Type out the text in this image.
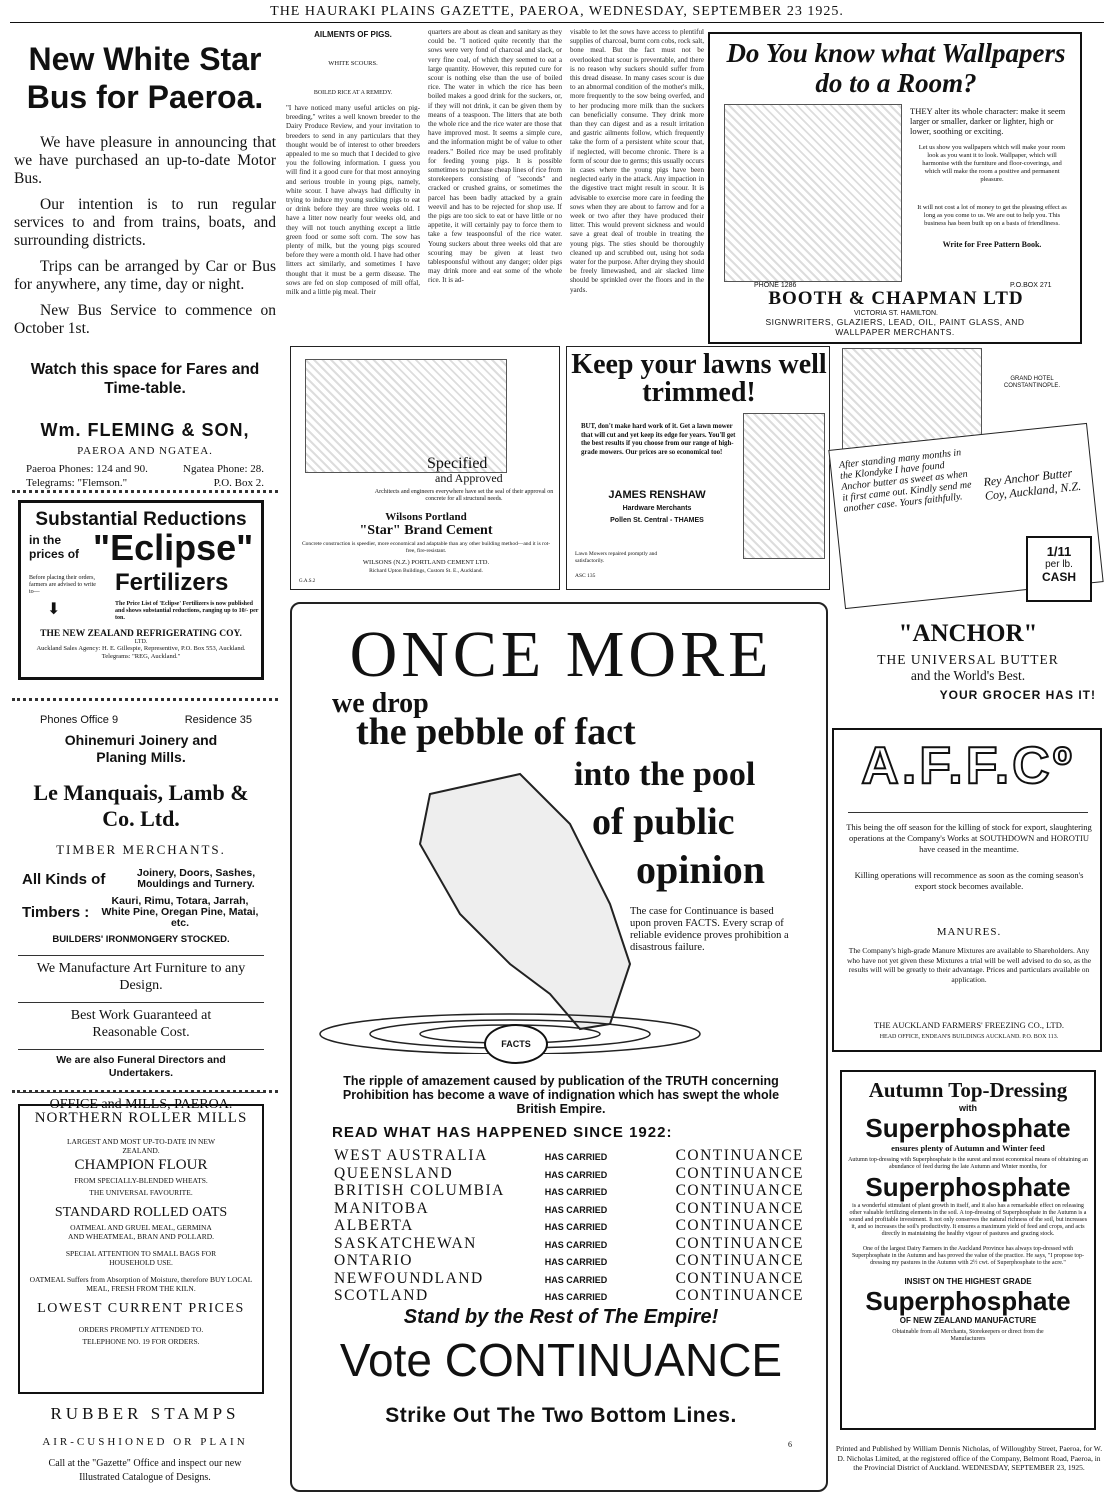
THE HAURAKI PLAINS GAZETTE, PAEROA, WEDNESDAY, SEPTEMBER 23 1925.
New White Star Bus for Paeroa.
We have pleasure in announcing that we have purchased an up-to-date Motor Bus.
Our intention is to run regular services to and from trains, boats, and surrounding districts.
Trips can be arranged by Car or Bus for anywhere, any time, day or night.
New Bus Service to commence on October 1st.
Watch this space for Fares and Time-table.
Wm. FLEMING & SON,
PAEROA AND NGATEA.
Paeroa Phones: 124 and 90.	Ngatea Phone: 28.
Telegrams: "Flemson."	P.O. Box 2.
Substantial Reductions
in the
prices of "Eclipse"
Before placing their orders, farmers are advised to write to—	Fertilizers
⬇	The Price List of 'Eclipse' Fertilizers is now published and shows substantial reductions, ranging up to 10/- per ton.
THE NEW ZEALAND REFRIGERATING COY.
LTD.
Auckland Sales Agency: H. E. Gillespie, Representive, P.O. Box 553, Auckland.
Telegrams: "REG, Auckland."
Phones Office 9	Residence 35
Ohinemuri Joinery and Planing Mills.
Le Manquais, Lamb & Co. Ltd.
TIMBER MERCHANTS.
All Kinds of	Joinery, Doors, Sashes, Mouldings and Turnery.
Timbers :
Kauri, Rimu, Totara, Jarrah, White Pine, Oregan Pine, Matai, etc.
BUILDERS' IRONMONGERY STOCKED.
We Manufacture Art Furniture to any Design.
Best Work Guaranteed at Reasonable Cost.
We are also Funeral Directors and Undertakers.
OFFICE and MILLS, PAEROA.
NORTHERN ROLLER MILLS
LARGEST AND MOST UP-TO-DATE IN NEW ZEALAND.
CHAMPION FLOUR
FROM SPECIALLY-BLENDED WHEATS.
THE UNIVERSAL FAVOURITE.
STANDARD ROLLED OATS
OATMEAL AND GRUEL MEAL, GERMINA AND WHEATMEAL, BRAN AND POLLARD.
SPECIAL ATTENTION TO SMALL BAGS FOR HOUSEHOLD USE.
OATMEAL Suffers from Absorption of Moisture, therefore BUY LOCAL MEAL, FRESH FROM THE KILN.
LOWEST CURRENT PRICES
ORDERS PROMPTLY ATTENDED TO.
TELEPHONE NO. 19 FOR ORDERS.
RUBBER STAMPS
AIR-CUSHIONED OR PLAIN
Call at the "Gazette" Office and inspect our new
Illustrated Catalogue of Designs.
AILMENTS OF PIGS.
WHITE SCOURS.
BOILED RICE AT A REMEDY.
"I have noticed many useful articles on pig-breeding," writes a well known breeder to the Dairy Produce Review, and your invitation to breeders to send in any particulars that they thought would be of interest to other breeders appealed to me so much that I decided to give you the following information. I guess you will find it a good cure for that most annoying and serious trouble in young pigs, namely, white scour. I have always had difficulty in trying to induce my young sucking pigs to eat or drink before they are three weeks old. I have a litter now nearly four weeks old, and they will not touch anything except a little green food or some soft corn. The sow has plenty of milk, but the young pigs scoured before they were a month old. I have had other litters act similarly, and sometimes I have thought that it must be a germ disease. The sows are fed on slop composed of mill offal, milk and a little pig meal. Their
quarters are about as clean and sanitary as they could be. "I noticed quite recently that the sows were very fond of charcoal and slack, or very fine coal, of which they seemed to eat a large quantity. However, this reputed cure for scour is nothing else than the use of boiled rice. The water in which the rice has been boiled makes a good drink for the suckers, or, if they will not drink, it can be given them by means of a teaspoon. The litters that ate both the whole rice and the rice water are those that have improved most. It seems a simple cure, and the information might be of value to other readers." Boiled rice may be used profitably for feeding young pigs. It is possible sometimes to purchase cheap lines of rice from storekeepers consisting of "seconds" and cracked or crushed grains, or sometimes the parcel has been badly attacked by a grain weevil and has to be rejected for shop use. If the pigs are too sick to eat or have little or no appetite, it will certainly pay to force them to take a few teaspoonsful of the rice water. Young suckers about three weeks old that are scouring may be given at least two tablespoonsful without any danger; older pigs may drink more and eat some of the whole rice. It is ad-
visable to let the sows have access to plentiful supplies of charcoal, burnt corn cobs, rock salt, bone meal. But the fact must not be overlooked that scour is preventable, and there is no reason why suckers should suffer from this dread disease. In many cases scour is due to an abnormal condition of the mother's milk, more frequently to the sow being overfed, and to her producing more milk than the suckers can beneficially consume. They drink more than they can digest and as a result irritation and gastric ailments follow, which frequently take the form of a persistent white scour that, if neglected, will become chronic. There is a form of scour due to germs; this usually occurs in cases where the young pigs have been neglected early in the attack. Any impaction in the digestive tract might result in scour. It is advisable to exercise more care in feeding the sows when they are about to farrow and for a week or two after they have produced their litter. This would prevent sickness and would save a great deal of trouble in treating the young pigs. The sties should be thoroughly cleaned up and scrubbed out, using hot soda water for the purpose. After drying they should be freely limewashed, and air slacked lime should be sprinkled over the floors and in the yards.
Do You know what Wallpapers do to a Room?
THEY alter its whole character: make it seem larger or smaller, darker or lighter, high or lower, soothing or exciting.
Let us show you wallpapers which will make your room look as you want it to look. Wallpaper, which will harmonise with the furniture and floor-coverings, and which will make the room a positive and permanent pleasure.
It will not cost a lot of money to get the pleasing effect as long as you come to us. We are out to help you. This business has been built up on a basis of friendliness.
Write for Free Pattern Book.
PHONE 1286	P.O.BOX 271
BOOTH & CHAPMAN LTD
VICTORIA ST. HAMILTON.
SIGNWRITERS, GLAZIERS, LEAD, OIL, PAINT GLASS, AND WALLPAPER MERCHANTS.
Specified
and Approved
Architects and engineers everywhere have set the seal of their approval on concrete for all structural needs.
Wilsons Portland
"Star" Brand Cement
Concrete construction is speedier, more economical and adaptable than any other building method—and it is rot-free, fire-resistant.
WILSONS (N.Z.) PORTLAND CEMENT LTD.
Richard Upton Buildings, Custom St. E., Auckland.
G.A.S.2
Keep your lawns well trimmed!
BUT, don't make hard work of it. Get a lawn mower that will cut and yet keep its edge for years. You'll get the best results if you choose from our range of high-grade mowers. Our prices are so economical too!
JAMES RENSHAW
Hardware Merchants
Pollen St. Central - THAMES
Lawn Mowers repaired promptly and satisfactorily.
ASC 135
GRAND HOTEL CONSTANTINOPLE.
After standing many months in the Klondyke I have found Anchor butter as sweet as when it first came out. Kindly send me another case. Yours faithfully.
Rey Anchor Butter Coy, Auckland, N.Z.
1/11
per lb.
CASH
"ANCHOR"
THE UNIVERSAL BUTTER
and the World's Best.
YOUR GROCER HAS IT!
A.F.F.Cº
This being the off season for the killing of stock for export, slaughtering operations at the Company's Works at SOUTHDOWN and HOROTIU have ceased in the meantime.
Killing operations will recommence as soon as the coming season's export stock becomes available.
MANURES.
The Company's high-grade Manure Mixtures are available to Shareholders. Any who have not yet given these Mixtures a trial will be well advised to do so, as the results will will be greatly to their advantage. Prices and particulars available on application.
THE AUCKLAND FARMERS' FREEZING CO., LTD.
HEAD OFFICE, ENDEAN'S BUILDINGS AUCKLAND. P.O. BOX 113.
Autumn Top-Dressing
with
Superphosphate
ensures plenty of Autumn and Winter feed
Autumn top-dressing with Superphosphate is the surest and most economical means of obtaining an abundance of feed during the late Autumn and Winter months, for
Superphosphate
is a wonderful stimulant of plant growth in itself, and it also has a remarkable effect on releasing other valuable fertilizing elements in the soil. A top-dressing of Superphosphate in the Autumn is a sound and profitable investment. It not only conserves the natural richness of the soil, but increases it, and so increases the soil's productivity. It ensures a maximum yield of feed and crops, and acts directly in maintaining the healthy vigour of pastures and grazing stock.
One of the largest Dairy Farmers in the Auckland Province has always top-dressed with Superphosphate in the Autumn and has proved the value of the practice. He says, "I propose top-dressing my pastures in the Autumn with 2½ cwt. of Superphosphate to the acre."
INSIST ON THE HIGHEST GRADE
Superphosphate
OF NEW ZEALAND MANUFACTURE
Obtainable from all Merchants, Storekeepers or direct from the Manufacturers
Printed and Published by William Dennis Nicholas, of Willoughby Street, Paeroa, for W. D. Nicholas Limited, at the registered office of the Company, Belmont Road, Paeroa, in the Provincial District of Auckland. WEDNESDAY, SEPTEMBER 23, 1925.
ONCE MORE
we drop
the pebble of fact
into the pool
of public
opinion
The case for Continuance is based upon proven FACTS. Every scrap of reliable evidence proves prohibition a disastrous failure.
FACTS
The ripple of amazement caused by publication of the TRUTH concerning Prohibition has become a wave of indignation which has swept the whole British Empire.
READ WHAT HAS HAPPENED SINCE 1922:
WEST AUSTRALIA	HAS CARRIED	CONTINUANCE
QUEENSLAND	HAS CARRIED	CONTINUANCE
BRITISH COLUMBIA	HAS CARRIED	CONTINUANCE
MANITOBA	HAS CARRIED	CONTINUANCE
ALBERTA	HAS CARRIED	CONTINUANCE
SASKATCHEWAN	HAS CARRIED	CONTINUANCE
ONTARIO	HAS CARRIED	CONTINUANCE
NEWFOUNDLAND	HAS CARRIED	CONTINUANCE
SCOTLAND	HAS CARRIED	CONTINUANCE
Stand by the Rest of The Empire!
Vote CONTINUANCE
Strike Out The Two Bottom Lines.
6
